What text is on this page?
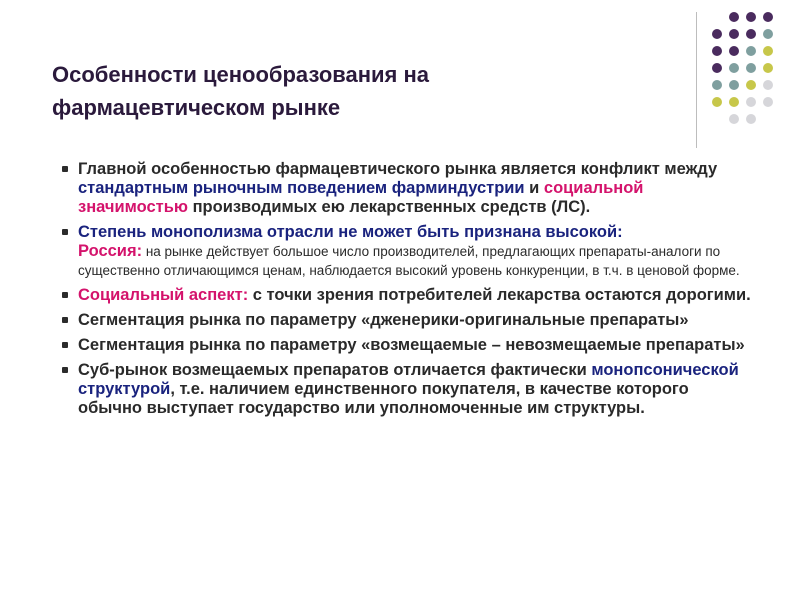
Особенности ценообразования на
фармацевтическом рынке
Главной особенностью фармацевтического рынка является конфликт между стандартным рыночным поведением фарминдустрии и социальной значимостью производимых ею лекарственных средств (ЛС).
Степень монополизма отрасли не может быть признана высокой:
Россия: на рынке действует большое число производителей, предлагающих препараты-аналоги по существенно отличающимся ценам, наблюдается высокий уровень конкуренции, в т.ч. в ценовой форме.
Социальный аспект: с точки зрения потребителей лекарства остаются дорогими.
Сегментация рынка по параметру «дженерики-оригинальные препараты»
Сегментация рынка по параметру «возмещаемые – невозмещаемые препараты»
Суб-рынок возмещаемых препаратов отличается фактически монопсонической структурой, т.е. наличием единственного покупателя, в качестве которого обычно выступает государство или уполномоченные им структуры.
